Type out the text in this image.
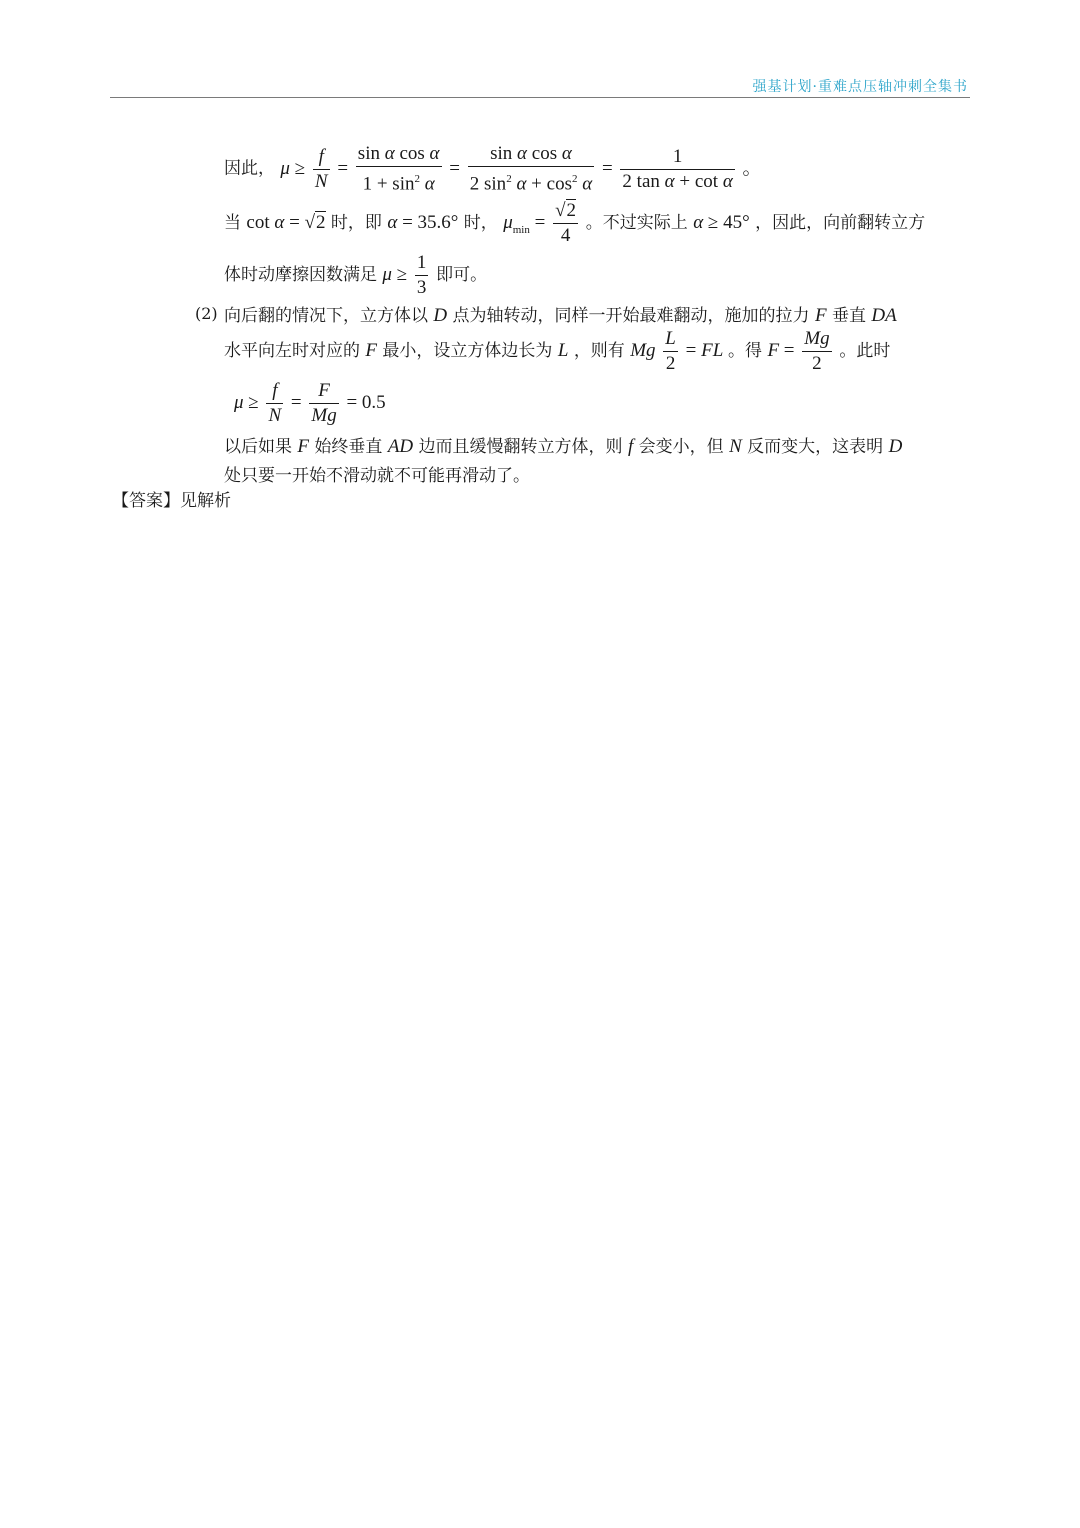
强基计划·重难点压轴冲刺全集书
因此， $\mu \ge \frac{f}{N} = \frac{\text{sin α cos α}}{1 + \sin^2 \alpha} = \frac{\text{sin α cos α}}{2 \sin^2 \alpha + \cos^2 \alpha} = \frac{1}{\text{2 tan α + cot α}}$ 。
当 cot α = √2 时，即 α = 35.6° 时， $\mu_{min} = \frac{√2}{4}$ 。不过实际上 α ≥ 45° ，因此，向前翻转立方
体时动摩擦因数满足 $\mu \ge \frac{1}{3}$ 即可。
(2) 向后翻的情况下，立方体以 D 点为轴转动，同样一开始最难翻动，施加的拉力 F 垂直 DA
水平向左时对应的 F 最小，设立方体边长为 L ，则有 Mg $\frac{L}{2}$ = FL 。得 $F = \frac{Mg}{2}$ 。此时
$\mu \ge \frac{f}{N} = \frac{F}{Mg} = 0.5$
以后如果 F 始终垂直 AD 边而且缓慢翻转立方体，则 f 会变小，但 N 反而变大，这表明 D
处只要一开始不滑动就不可能再滑动了。
【答案】见解析
